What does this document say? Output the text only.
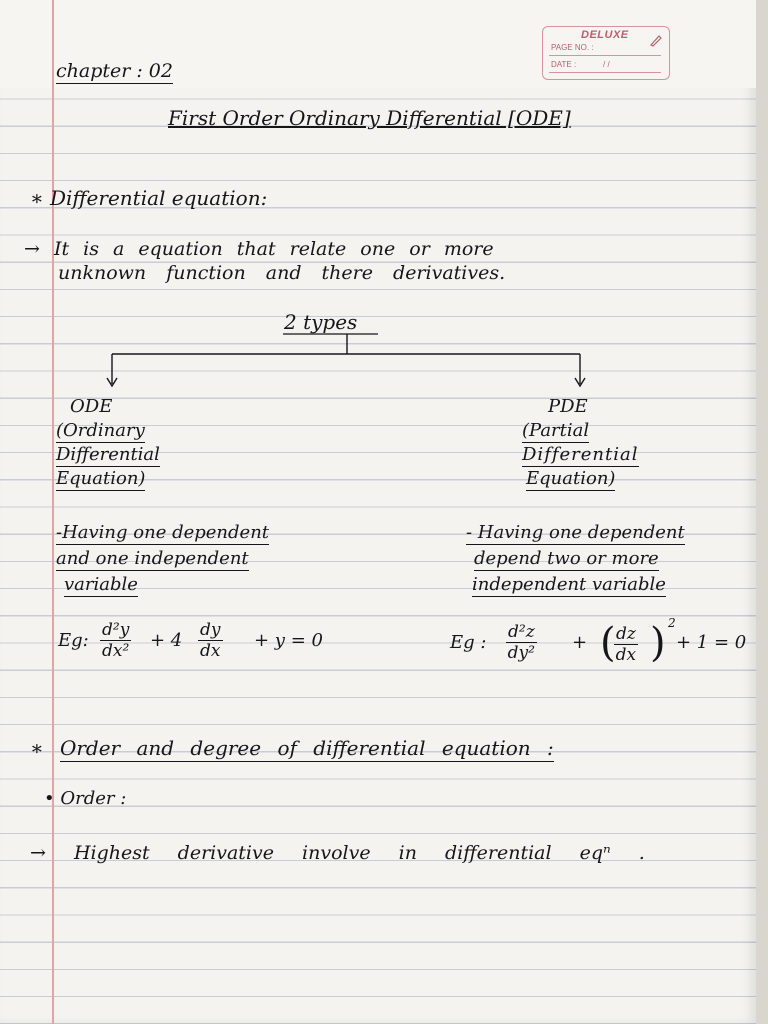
DELUXE
PAGE NO. :
DATE :	/ /
chapter : 02
First Order Ordinary Differential [ODE]
∗ Differential equation:
→ It is a equation that relate one or more
unknown function and there derivatives.
2 types
ODE
(Ordinary
Differential
Equation)
PDE
(Partial
Differential
Equation)
-Having one dependent
and one independent
variable
- Having one dependent
depend two or more
independent variable
Eg: $\frac{\text{d²y}}{\text{dx²}} + 4 \frac{dy}{dx} + y = 0$	Eg : $\frac{\text{d²z}}{\text{dy²}}$ + (
$\frac{dz}{dx}$ ) 2
+ 1 = 0
∗ Order and degree of differential equation :
• Order :
→ Highest derivative involve in differential eqⁿ .
